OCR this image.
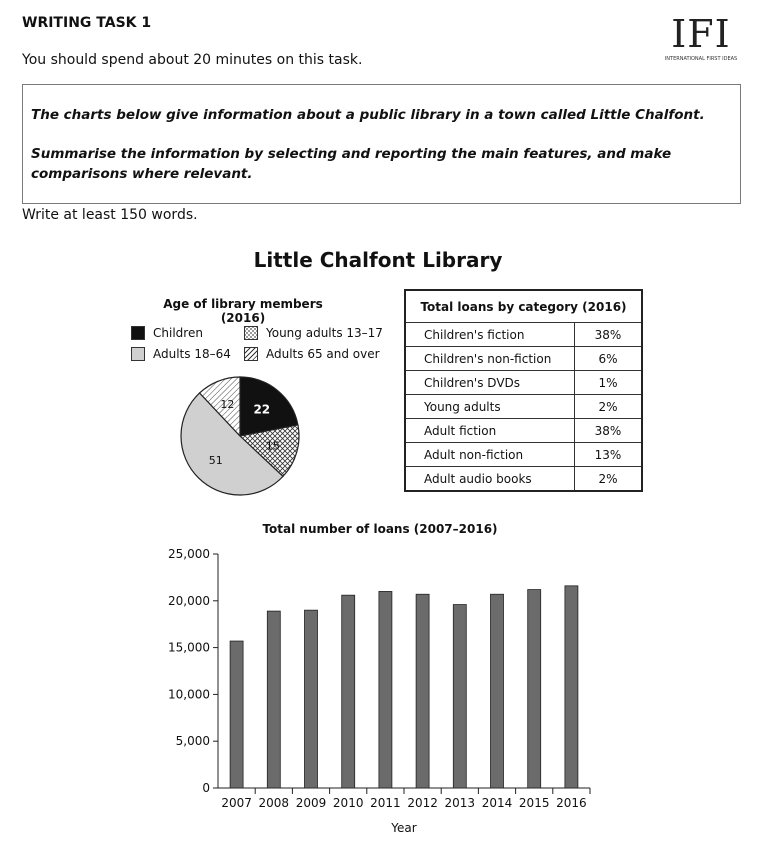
WRITING TASK 1
You should spend about 20 minutes on this task.
IFI
INTERNATIONAL FIRST IDEAS
The charts below give information about a public library in a town called Little Chalfont.
Summarise the information by selecting and reporting the main features, and make comparisons where relevant.
Write at least 150 words.
Little Chalfont Library
Age of library members (2016)
Children	Young adults 13–17
Adults 18–64	Adults 65 and over
22
15
51
12
Total loans by category (2016)	
Children's fiction	38%
Children's non-fiction	6%
Children's DVDs	1%
Young adults	2%
Adult fiction	38%
Adult non-fiction	13%
Adult audio books	2%
Total number of loans (2007–2016)
0
5,000
10,000
15,000
20,000
25,000
2007 2008 2009 2010 2011 2012 2013 2014 2015 2016
Year
